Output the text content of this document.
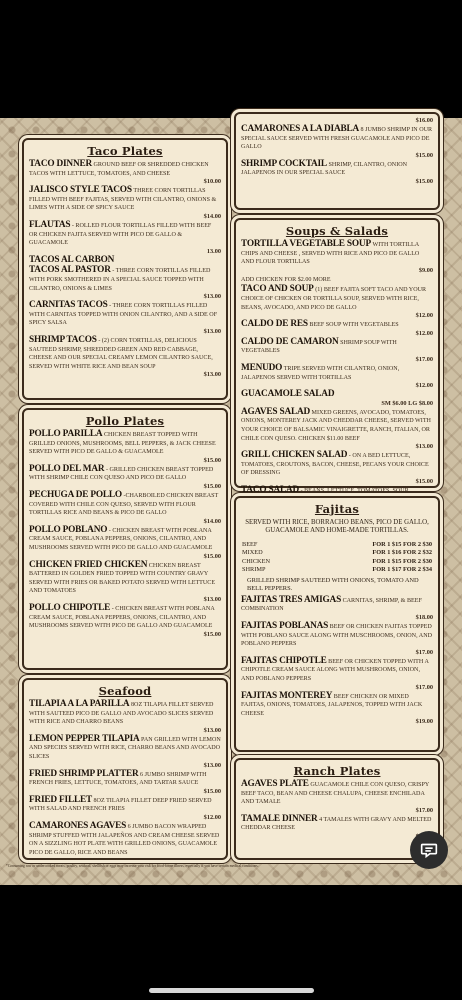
Taco Plates
TACO DINNER GROUND BEEF OR SHREDDED CHICKEN TACOS WITH LETTUCE, TOMATOES, AND CHEESE
$10.00
JALISCO STYLE TACOS THREE CORN TORTILLAS FILLED WITH BEEF FAJITAS, SERVED WITH CILANTRO, ONIONS & LIMES WITH A SIDE OF SPICY SAUCE
$14.00
FLAUTAS - ROLLED FLOUR TORTILLAS FILLED WITH BEEF OR CHICKEN FAJITA SERVED WITH PICO DE GALLO & GUACAMOLE
13.00
TACOS AL CARBON
TACOS AL PASTOR - THREE CORN TORTILLAS FILLED WITH PORK SMOTHERED IN A SPECIAL SAUCE TOPPED WITH CILANTRO, ONIONS & LIMES
$13.00
CARNITAS TACOS - THREE CORN TORTILLAS FILLED WITH CARNITAS TOPPED WITH ONION CILANTRO, AND A SIDE OF SPICY SALSA
$13.00
SHRIMP TACOS - (2) CORN TORTILLAS, DELICIOUS SAUTEED SHRIMP, SHREDDED GREEN AND RED CABBAGE, CHEESE AND OUR SPECIAL CREAMY LEMON CILANTRO SAUCE, SERVED WITH WHITE RICE AND BEAN SOUP
$13.00
Pollo Plates
POLLO PARILLA CHICKEN BREAST TOPPED WITH GRILLED ONIONS, MUSHROOMS, BELL PEPPERS, & JACK CHEESE SERVED WITH PICO DE GALLO & GUACAMOLE
$15.00
POLLO DEL MAR - GRILLED CHICKEN BREAST TOPPED WITH SHRIMP CHILE CON QUESO AND PICO DE GALLO
$15.00
PECHUGA DE POLLO -CHARBOILED CHICKEN BREAST COVERED WITH CHILE CON QUESO, SERVED WITH FLOUR TORTILLAS RICE AND BEANS & PICO DE GALLO
$14.00
POLLO POBLANO - CHICKEN BREAST WITH POBLANA CREAM SAUCE, POBLANA PEPPERS, ONIONS, CILANTRO, AND MUSHROOMS SERVED WITH PICO DE GALLO AND GUACAMOLE
$15.00
CHICKEN FRIED CHICKEN CHICKEN BREAST BATTERED IN GOLDEN FRIED TOPPED WITH COUNTRY GRAVY SERVED WITH FRIES OR BAKED POTATO SERVED WITH LETTUCE AND TOMATOES
$13.00
POLLO CHIPOTLE - CHICKEN BREAST WITH POBLANA CREAM SAUCE, POBLANA PEPPERS, ONIONS, CILANTRO, AND MUSHROOMS SERVED WITH PICO DE GALLO AND GUACAMOLE
$15.00
Seafood
TILAPIA A LA PARILLA 8OZ TILAPIA FILLET SERVED WITH SAUTEED PICO DE GALLO AND AVOCADO SLICES SERVED WITH RICE AND CHARRO BEANS
$13.00
LEMON PEPPER TILAPIA PAN GRILLED WITH LEMON AND SPECIES SERVED WITH RICE, CHARRO BEANS AND AVOCADO SLICES
$13.00
FRIED SHRIMP PLATTER 6 JUMBO SHRIMP WITH FRENCH FRIES, LETTUCE, TOMATOES, AND TARTAR SAUCE
$15.00
FRIED FILLET 8OZ TILAPIA FILLET DEEP FRIED SERVED WITH SALAD AND FRENCH FRIES
$12.00
CAMARONES AGAVES 6 JUMBO BACON WRAPPED SHRIMP STUFFED WITH JALAPEÑOS AND CREAM CHEESE SERVED ON A SIZZLING HOT PLATE WITH GRILLED ONIONS, GUACAMOLE PICO DE GALLO, RICE AND BEANS
$16.00
CAMARONES A LA DIABLA 8 JUMBO SHRIMP IN OUR SPECIAL SAUCE SERVED WITH FRESH GUACAMOLE AND PICO DE GALLO
$15.00
SHRIMP COCKTAIL SHRIMP, CILANTRO, ONION JALAPENOS IN OUR SPECIAL SAUCE
$15.00
Soups & Salads
TORTILLA VEGETABLE SOUP WITH TORTILLA CHIPS AND CHEESE , SERVED WITH RICE AND PICO DE GALLO AND FLOUR TORTILLAS
$9.00
ADD CHICKEN FOR $2.00 MORE
TACO AND SOUP (1) BEEF FAJITA SOFT TACO AND YOUR CHOICE OF CHICKEN OR TORTILLA SOUP, SERVED WITH RICE, BEANS, AVOCADO, AND PICO DE GALLO
$12.00
CALDO DE RES BEEF SOUP WITH VEGETABLES
$12.00
CALDO DE CAMARON SHRIMP SOUP WITH VEGETABLES
$17.00
MENUDO TRIPE SERVED WITH CILANTRO, ONION, JALAPENOS SERVED WITH TORTILLAS
$12.00
GUACAMOLE SALAD
SM $6.00 LG $8.00
AGAVES SALAD MIXED GREENS, AVOCADO, TOMATOES, ONIONS, MONTEREY JACK AND CHEDDAR CHEESE, SERVED WITH YOUR CHOICE OF BALSAMIC VINAIGRETTE, RANCH, ITALIAN, OR CHILE CON QUESO. CHICKEN $11.00 BEEF
$13.00
GRILL CHICKEN SALAD - ON A BED LETTUCE, TOMATOES, CROUTONS, BACON, CHEESE, PECANS YOUR CHOICE OF DRESSING
$15.00
TACO SALAD - BEANS, LETTUCE, TOMATOES, SOUR
Fajitas
SERVED WITH RICE, BORRACHO BEANS, PICO DE GALLO, GUACAMOLE AND HOME-MADE TORTILLAS.
BEEF	FOR 1 $15 FOR 2 $30
MIXED	FOR 1 $16 FOR 2 $32
CHICKEN	FOR 1 $15 FOR 2 $30
SHRIMP	FOR 1 $17 FOR 2 $34
GRILLED SHRIMP SAUTEED WITH ONIONS, TOMATO AND BELL PEPPERS.
FAJITAS TRES AMIGAS CARNITAS, SHRIMP, & BEEF COMBINATION
$18.00
FAJITAS POBLANAS BEEF OR CHICKEN FAJITAS TOPPED WITH POBLANO SAUCE ALONG WITH MUSCHROOMS, ONION, AND POBLANO PEPPERS
$17.00
FAJITAS CHIPOTLE BEEF OR CHICKEN TOPPED WITH A CHIPOTLE CREAM SAUCE ALONG WITH MUSHROOMS, ONION, AND POBLANO PEPPERS
$17.00
FAJITAS MONTEREY BEEF CHICKEN OR MIXED FAJITAS, ONIONS, TOMATOES, JALAPENOS, TOPPED WITH JACK CHEESE
$19.00
Ranch Plates
AGAVES PLATE GUACAMOLE CHILE CON QUESO, CRISPY BEEF TACO, BEAN AND CHEESE CHALUPA, CHEESE ENCHILADA AND TAMALE
$17.00
TAMALE DINNER 4 TAMALES WITH GRAVY AND MELTED CHEDDAR CHEESE
*Consuming raw or undercooked meats, poultry, seafood, shellfish or eggs may increase your risk for food-borne illness, especially if you have certain medical conditions.
